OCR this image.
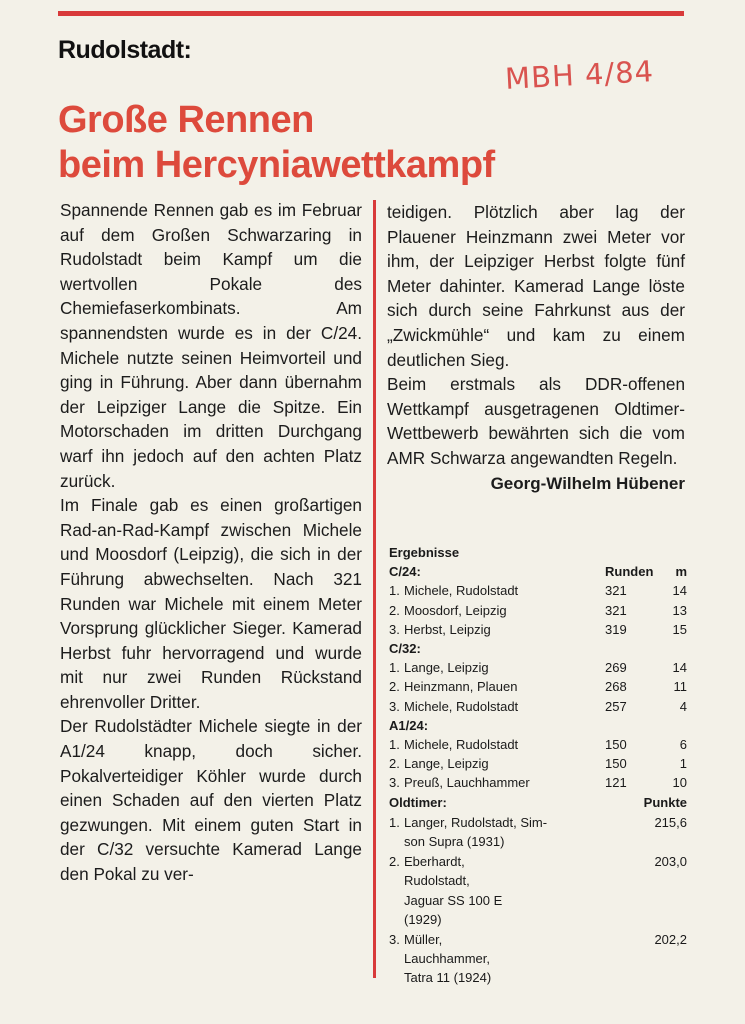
Rudolstadt:
MBH 4/84
Große Rennen
beim Hercyniawettkampf

Spannende Rennen gab es im Februar auf dem Großen Schwarzaring in Rudolstadt beim Kampf um die wertvollen Pokale des Chemiefaserkombinats. Am spannendsten wurde es in der C/24. Michele nutzte seinen Heimvorteil und ging in Führung. Aber dann übernahm der Leipziger Lange die Spitze. Ein Motorschaden im dritten Durchgang warf ihn jedoch auf den achten Platz zurück.

Im Finale gab es einen großartigen Rad-an-Rad-Kampf zwischen Michele und Moosdorf (Leipzig), die sich in der Führung abwechselten. Nach 321 Runden war Michele mit einem Meter Vorsprung glücklicher Sieger. Kamerad Herbst fuhr hervorragend und wurde mit nur zwei Runden Rückstand ehrenvoller Dritter.

Der Rudolstädter Michele siegte in der A1/24 knapp, doch sicher. Pokalverteidiger Köhler wurde durch einen Schaden auf den vierten Platz gezwungen. Mit einem guten Start in der C/32 versuchte Kamerad Lange den Pokal zu ver-

teidigen. Plötzlich aber lag der Plauener Heinzmann zwei Meter vor ihm, der Leipziger Herbst folgte fünf Meter dahinter. Kamerad Lange löste sich durch seine Fahrkunst aus der „Zwickmühle“ und kam zu einem deutlichen Sieg.

Beim erstmals als DDR-offenen Wettkampf ausgetragenen Oldtimer-Wettbewerb bewährten sich die vom AMR Schwarza angewandten Regeln.

Georg-Wilhelm Hübener
Ergebnisse
C/24:	Runden	m
1. Michele, Rudolstadt	321	14
2. Moosdorf, Leipzig	321	13
3. Herbst, Leipzig	319	15
C/32:
1. Lange, Leipzig	269	14
2. Heinzmann, Plauen	268	11
3. Michele, Rudolstadt	257	4
A1/24:
1. Michele, Rudolstadt	150	6
2. Lange, Leipzig	150	1
3. Preuß, Lauchhammer	121	10
Oldtimer:	Punkte
1. Langer, Rudolstadt, Sim-
son Supra (1931)
215,6
2. Eberhardt,
Rudolstadt,
Jaguar SS 100 E
(1929)
203,0
3. Müller,
Lauchhammer,
Tatra 11 (1924)
202,2
